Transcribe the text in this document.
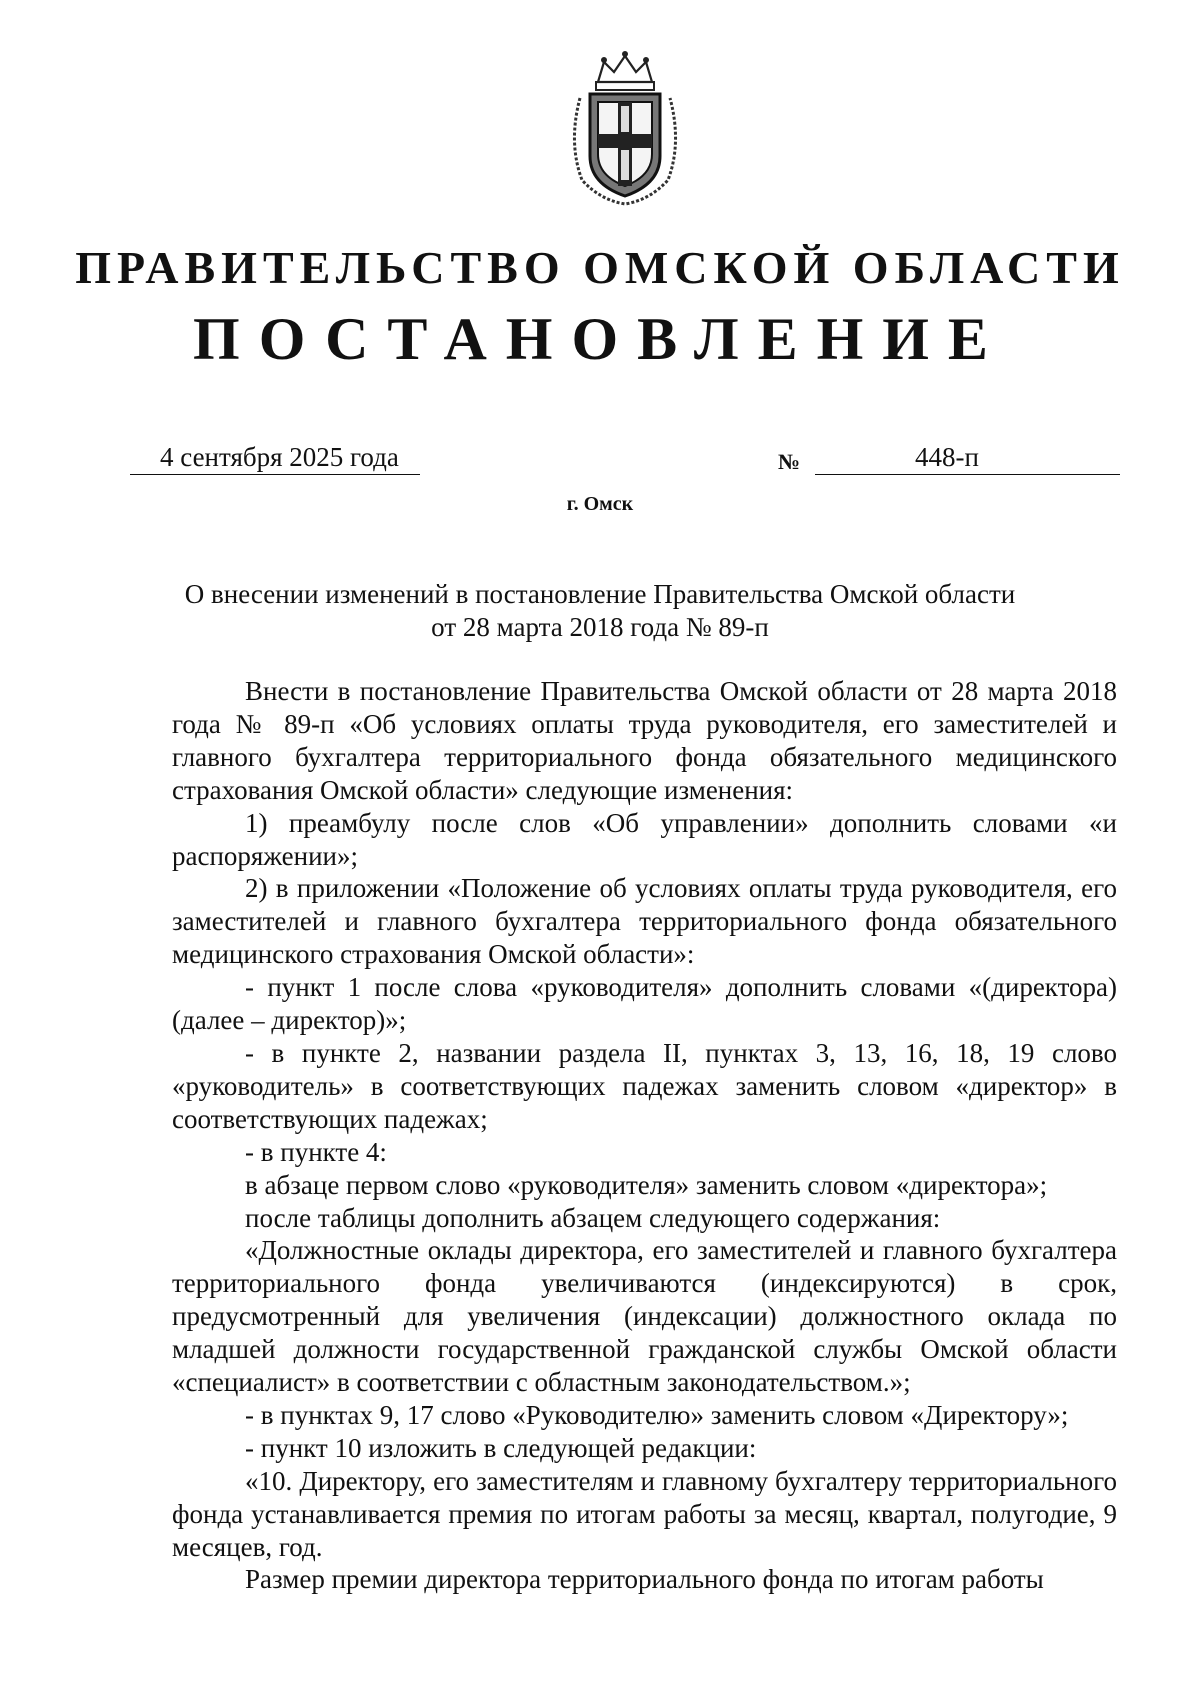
ПРАВИТЕЛЬСТВО ОМСКОЙ ОБЛАСТИ
ПОСТАНОВЛЕНИЕ
4 сентября 2025 года	№	448-п
г. Омск
О внесении изменений в постановление Правительства Омской области
от 28 марта 2018 года № 89-п

Внести в постановление Правительства Омской области от 28 марта 2018 года № 89-п «Об условиях оплаты труда руководителя, его заместителей и главного бухгалтера территориального фонда обязательного медицинского страхования Омской области» следующие изменения:

1) преамбулу после слов «Об управлении» дополнить словами «и распоряжении»;

2) в приложении «Положение об условиях оплаты труда руководителя, его заместителей и главного бухгалтера территориального фонда обязательного медицинского страхования Омской области»:

- пункт 1 после слова «руководителя» дополнить словами «(директора) (далее – директор)»;

- в пункте 2, названии раздела II, пунктах 3, 13, 16, 18, 19 слово «руководитель» в соответствующих падежах заменить словом «директор» в соответствующих падежах;

- в пункте 4:

в абзаце первом слово «руководителя» заменить словом «директора»;

после таблицы дополнить абзацем следующего содержания:

«Должностные оклады директора, его заместителей и главного бухгалтера территориального фонда увеличиваются (индексируются) в срок, предусмотренный для увеличения (индексации) должностного оклада по младшей должности государственной гражданской службы Омской области «специалист» в соответствии с областным законодательством.»;

- в пунктах 9, 17 слово «Руководителю» заменить словом «Директору»;

- пункт 10 изложить в следующей редакции:

«10. Директору, его заместителям и главному бухгалтеру территориального фонда устанавливается премия по итогам работы за месяц, квартал, полугодие, 9 месяцев, год.

Размер премии директора территориального фонда по итогам работы
